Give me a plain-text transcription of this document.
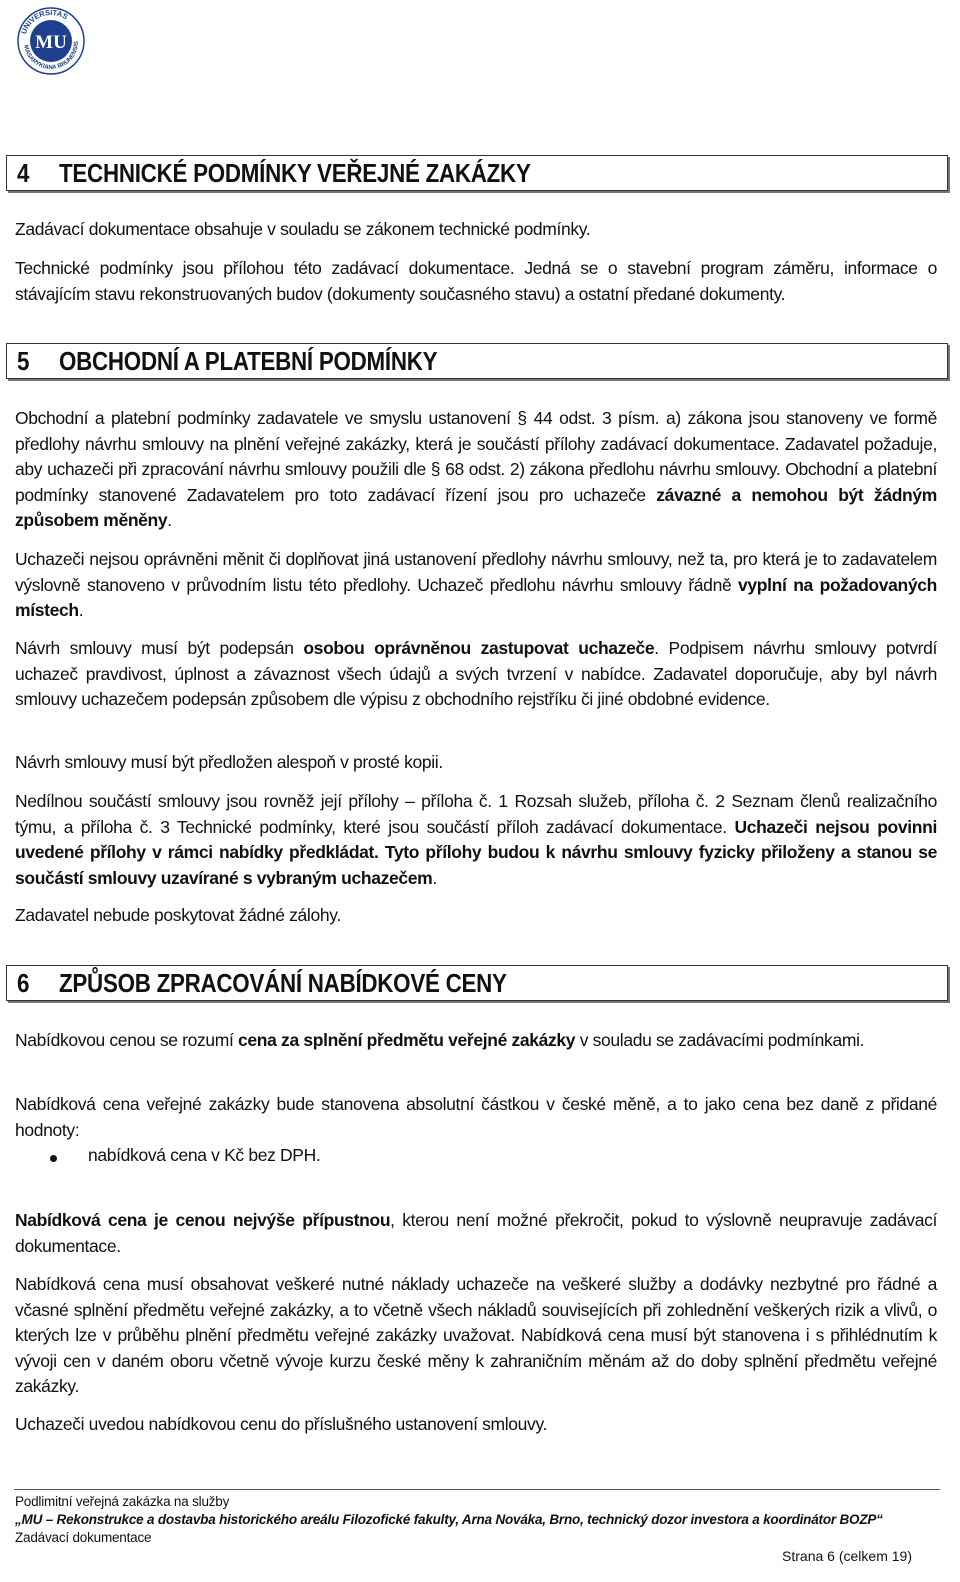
UNIVERSITAS
MASARYKIANA BRUNENSIS
MU
4	TECHNICKÉ PODMÍNKY VEŘEJNÉ ZAKÁZKY
Zadávací dokumentace obsahuje v souladu se zákonem technické podmínky.
Technické podmínky jsou přílohou této zadávací dokumentace. Jedná se o stavební program záměru, informace o stávajícím stavu rekonstruovaných budov (dokumenty současného stavu) a ostatní předané dokumenty.
5	OBCHODNÍ A PLATEBNÍ PODMÍNKY
Obchodní a platební podmínky zadavatele ve smyslu ustanovení § 44 odst. 3 písm. a) zákona jsou stanoveny ve formě předlohy návrhu smlouvy na plnění veřejné zakázky, která je součástí přílohy zadávací dokumentace. Zadavatel požaduje, aby uchazeči při zpracování návrhu smlouvy použili dle § 68 odst. 2) zákona předlohu návrhu smlouvy. Obchodní a platební podmínky stanovené Zadavatelem pro toto zadávací řízení jsou pro uchazeče závazné a nemohou být žádným způsobem měněny.
Uchazeči nejsou oprávněni měnit či doplňovat jiná ustanovení předlohy návrhu smlouvy, než ta, pro která je to zadavatelem výslovně stanoveno v průvodním listu této předlohy. Uchazeč předlohu návrhu smlouvy řádně vyplní na požadovaných místech.
Návrh smlouvy musí být podepsán osobou oprávněnou zastupovat uchazeče. Podpisem návrhu smlouvy potvrdí uchazeč pravdivost, úplnost a závaznost všech údajů a svých tvrzení v nabídce. Zadavatel doporučuje, aby byl návrh smlouvy uchazečem podepsán způsobem dle výpisu z obchodního rejstříku či jiné obdobné evidence.
Návrh smlouvy musí být předložen alespoň v prosté kopii.
Nedílnou součástí smlouvy jsou rovněž její přílohy – příloha č. 1 Rozsah služeb, příloha č. 2 Seznam členů realizačního týmu, a příloha č. 3 Technické podmínky, které jsou součástí příloh zadávací dokumentace. Uchazeči nejsou povinni uvedené přílohy v rámci nabídky předkládat. Tyto přílohy budou k návrhu smlouvy fyzicky přiloženy a stanou se součástí smlouvy uzavírané s vybraným uchazečem.
Zadavatel nebude poskytovat žádné zálohy.
6	ZPŮSOB ZPRACOVÁNÍ NABÍDKOVÉ CENY
Nabídkovou cenou se rozumí cena za splnění předmětu veřejné zakázky v souladu se zadávacími podmínkami.
Nabídková cena veřejné zakázky bude stanovena absolutní částkou v české měně, a to jako cena bez daně z přidané hodnoty:
nabídková cena v Kč bez DPH.
Nabídková cena je cenou nejvýše přípustnou, kterou není možné překročit, pokud to výslovně neupravuje zadávací dokumentace.
Nabídková cena musí obsahovat veškeré nutné náklady uchazeče na veškeré služby a dodávky nezbytné pro řádné a včasné splnění předmětu veřejné zakázky, a to včetně všech nákladů souvisejících při zohlednění veškerých rizik a vlivů, o kterých lze v průběhu plnění předmětu veřejné zakázky uvažovat. Nabídková cena musí být stanovena i s přihlédnutím k vývoji cen v daném oboru včetně vývoje kurzu české měny k zahraničním měnám až do doby splnění předmětu veřejné zakázky.
Uchazeči uvedou nabídkovou cenu do příslušného ustanovení smlouvy.
Podlimitní veřejná zakázka na služby
„MU – Rekonstrukce a dostavba historického areálu Filozofické fakulty, Arna Nováka, Brno, technický dozor investora a koordinátor BOZP“
Zadávací dokumentace
Strana 6 (celkem 19)
